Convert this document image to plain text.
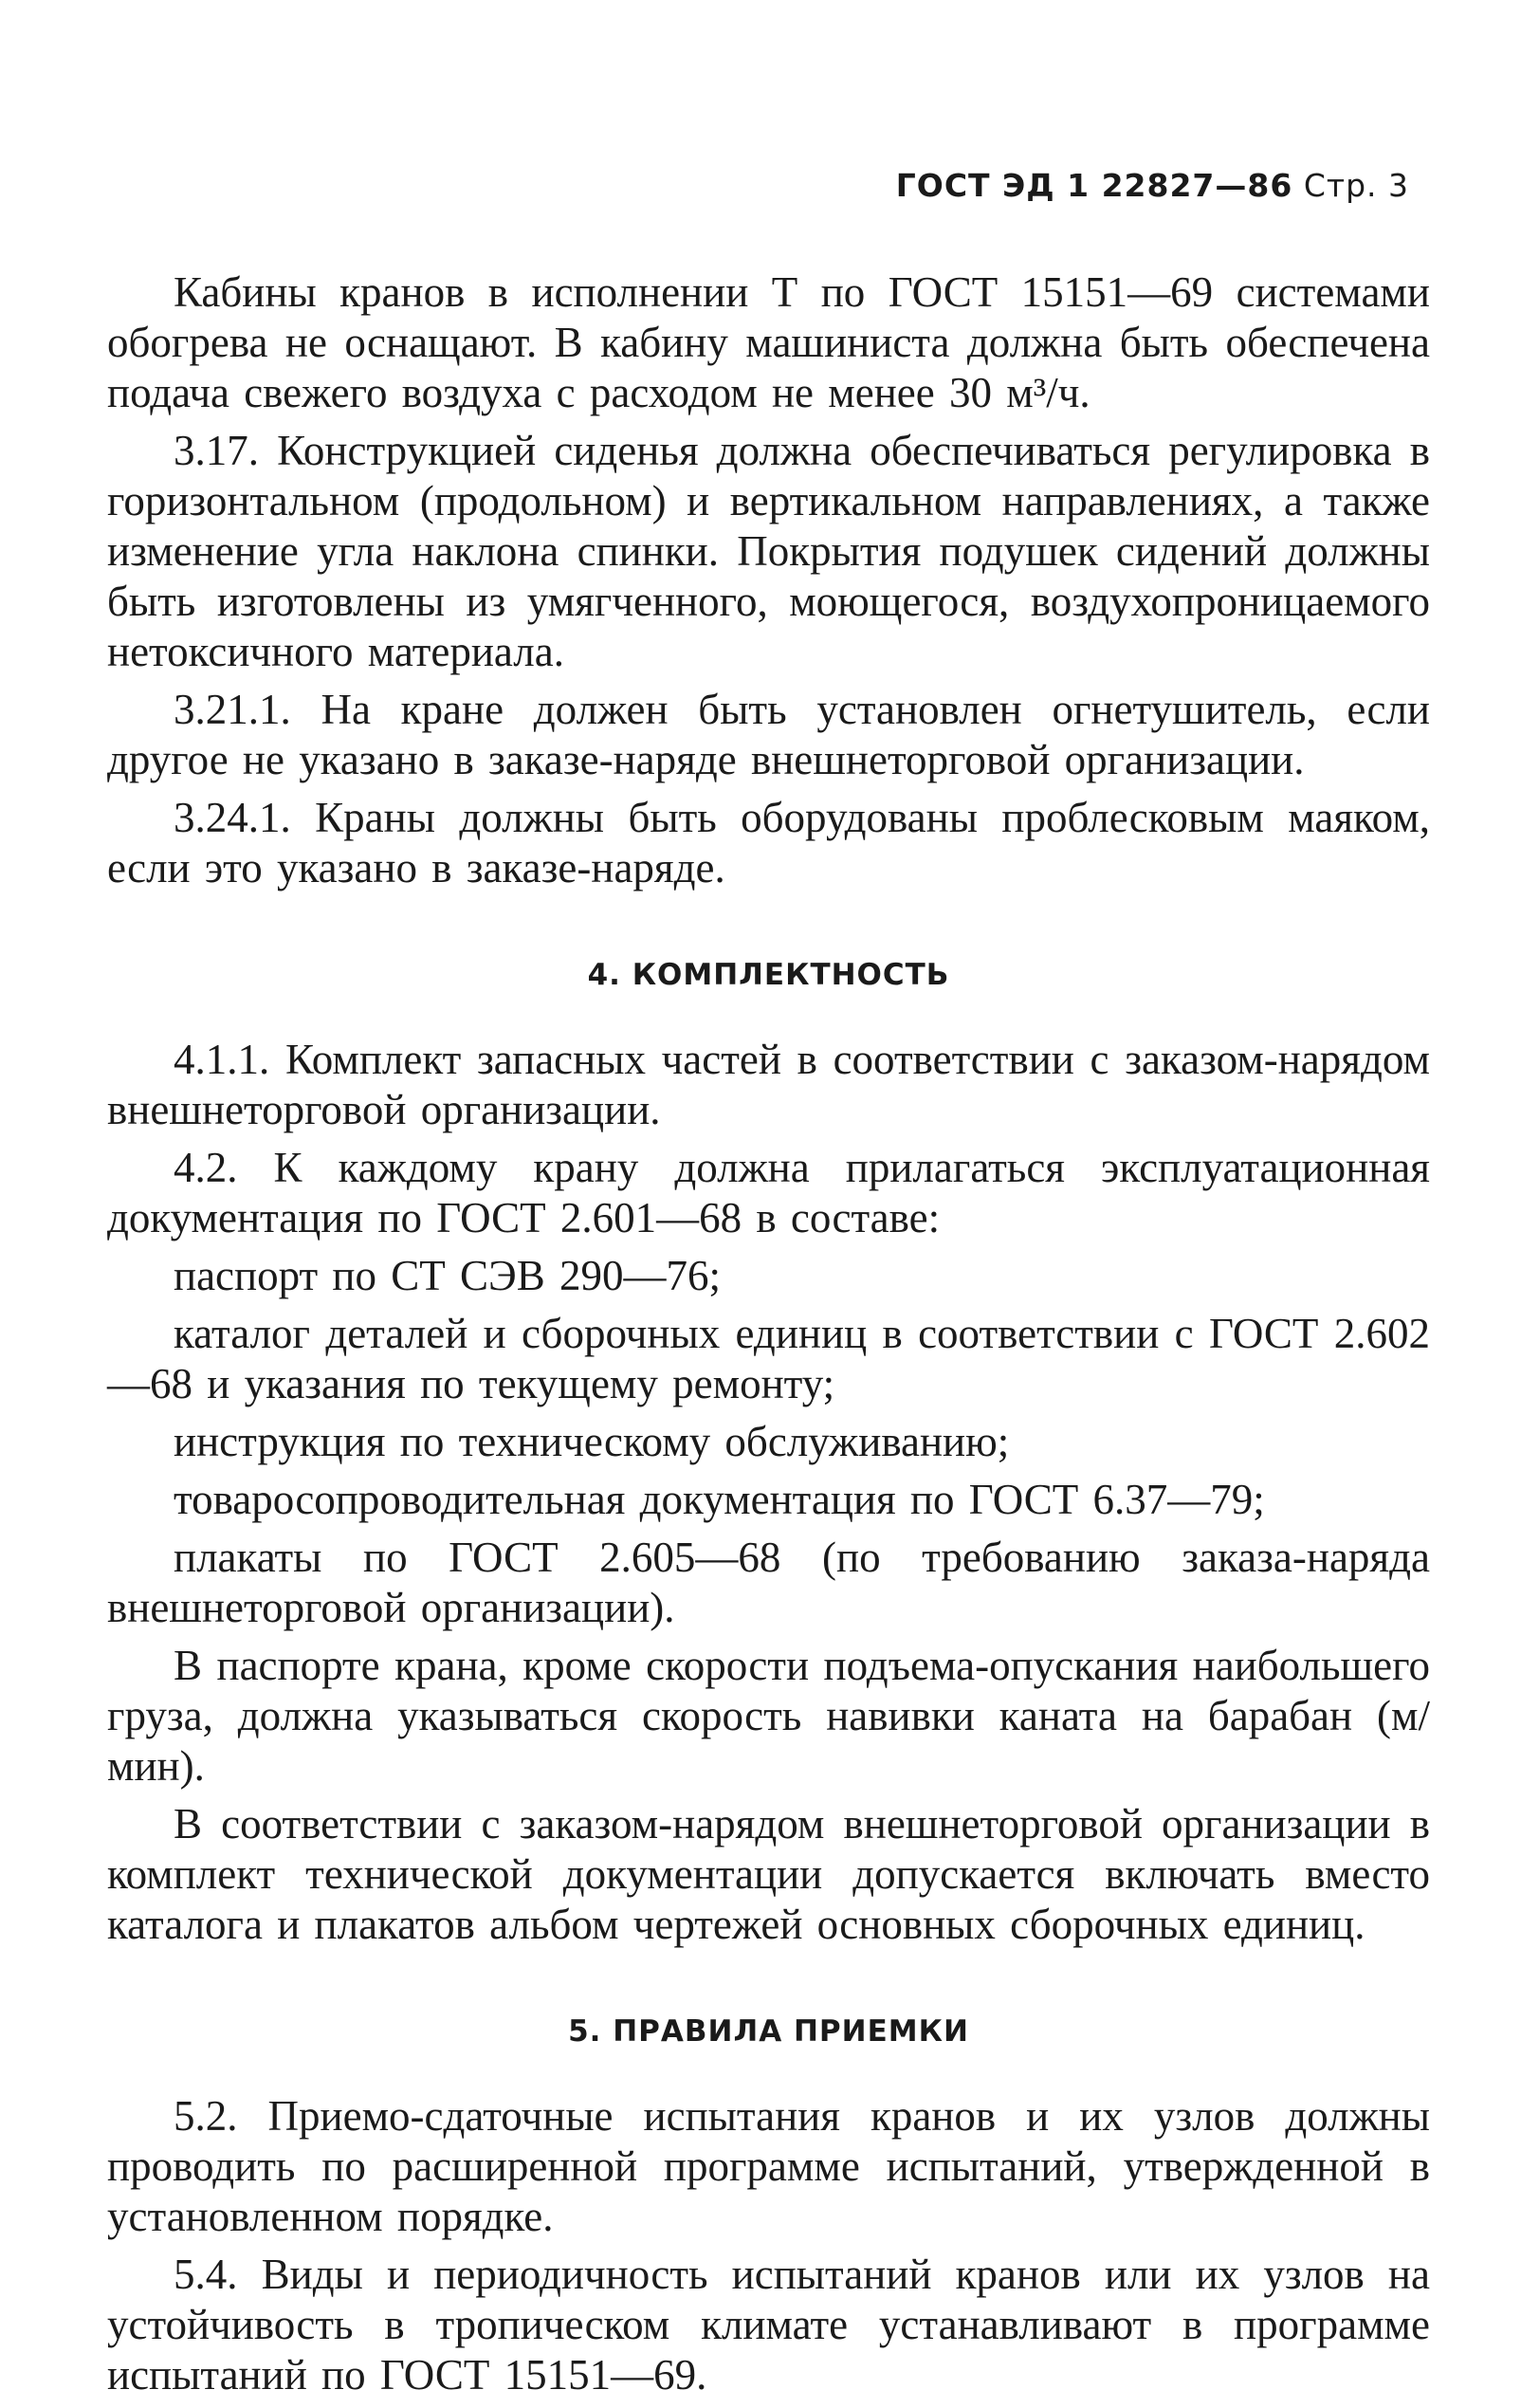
ГОСТ ЭД 1 22827—86 Стр. 3

Кабины кранов в исполнении Т по ГОСТ 15151—69 системами обогрева не оснащают. В кабину машиниста должна быть обеспечена подача свежего воздуха с расходом не менее 30 м³/ч.

3.17. Конструкцией сиденья должна обеспечиваться регулировка в горизонтальном (продольном) и вертикальном направлениях, а также изменение угла наклона спинки. Покрытия подушек сидений должны быть изготовлены из умягченного, моющегося, воздухопроницаемого нетоксичного материала.

3.21.1. На кране должен быть установлен огнетушитель, если другое не указано в заказе-наряде внешнеторговой организации.

3.24.1. Краны должны быть оборудованы проблесковым маяком, если это указано в заказе-наряде.

4. КОМПЛЕКТНОСТЬ

4.1.1. Комплект запасных частей в соответствии с заказом-нарядом внешнеторговой организации.

4.2. К каждому крану должна прилагаться эксплуатационная документация по ГОСТ 2.601—68 в составе:

паспорт по СТ СЭВ 290—76;

каталог деталей и сборочных единиц в соответствии с ГОСТ 2.602—68 и указания по текущему ремонту;

инструкция по техническому обслуживанию;

товаросопроводительная документация по ГОСТ 6.37—79;

плакаты по ГОСТ 2.605—68 (по требованию заказа-наряда внешнеторговой организации).

В паспорте крана, кроме скорости подъема-опускания наибольшего груза, должна указываться скорость навивки каната на барабан (м/мин).

В соответствии с заказом-нарядом внешнеторговой организации в комплект технической документации допускается включать вместо каталога и плакатов альбом чертежей основных сборочных единиц.

5. ПРАВИЛА ПРИЕМКИ

5.2. Приемо-сдаточные испытания кранов и их узлов должны проводить по расширенной программе испытаний, утвержденной в установленном порядке.

5.4. Виды и периодичность испытаний кранов или их узлов на устойчивость в тропическом климате устанавливают в программе испытаний по ГОСТ 15151—69.
